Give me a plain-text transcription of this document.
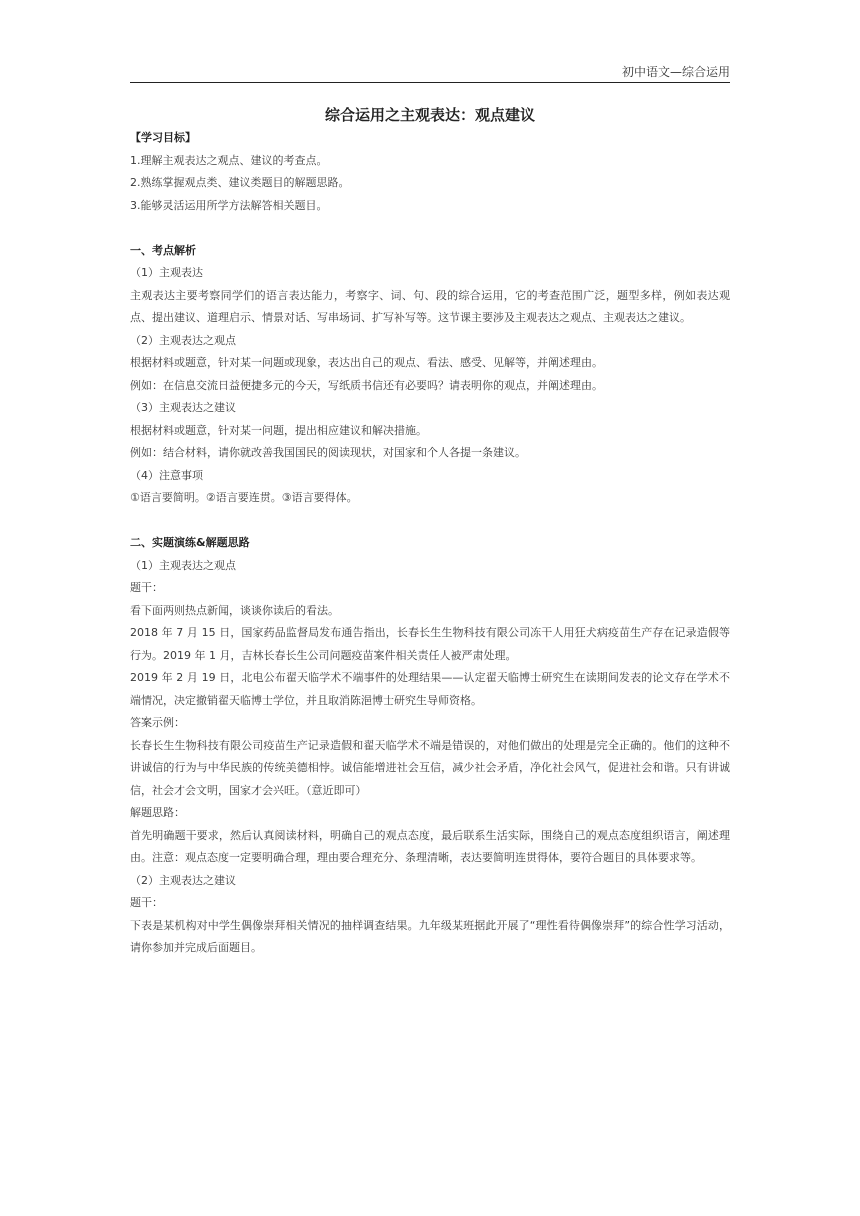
初中语文—综合运用
综合运用之主观表达：观点建议

【学习目标】

1.理解主观表达之观点、建议的考查点。

2.熟练掌握观点类、建议类题目的解题思路。

3.能够灵活运用所学方法解答相关题目。

一、考点解析

（1）主观表达

主观表达主要考察同学们的语言表达能力，考察字、词、句、段的综合运用，它的考查范围广泛，题型多样，例如表达观点、提出建议、道理启示、情景对话、写串场词、扩写补写等。这节课主要涉及主观表达之观点、主观表达之建议。

（2）主观表达之观点

根据材料或题意，针对某一问题或现象，表达出自己的观点、看法、感受、见解等，并阐述理由。

例如：在信息交流日益便捷多元的今天，写纸质书信还有必要吗？请表明你的观点，并阐述理由。

（3）主观表达之建议

根据材料或题意，针对某一问题，提出相应建议和解决措施。

例如：结合材料，请你就改善我国国民的阅读现状，对国家和个人各提一条建议。

（4）注意事项

①语言要简明。②语言要连贯。③语言要得体。

二、实题演练&解题思路

（1）主观表达之观点

题干：

看下面两则热点新闻，谈谈你读后的看法。

2018 年 7 月 15 日，国家药品监督局发布通告指出，长春长生生物科技有限公司冻干人用狂犬病疫苗生产存在记录造假等行为。2019 年 1 月，吉林长春长生公司问题疫苗案件相关责任人被严肃处理。

2019 年 2 月 19 日，北电公布翟天临学术不端事件的处理结果——认定翟天临博士研究生在读期间发表的论文存在学术不端情况，决定撤销翟天临博士学位，并且取消陈浥博士研究生导师资格。

答案示例：

长春长生生物科技有限公司疫苗生产记录造假和翟天临学术不端是错误的，对他们做出的处理是完全正确的。他们的这种不讲诚信的行为与中华民族的传统美德相悖。诚信能增进社会互信，减少社会矛盾，净化社会风气，促进社会和谐。只有讲诚信，社会才会文明，国家才会兴旺。（意近即可）

解题思路：

首先明确题干要求，然后认真阅读材料，明确自己的观点态度，最后联系生活实际，围绕自己的观点态度组织语言，阐述理由。注意：观点态度一定要明确合理，理由要合理充分、条理清晰，表达要简明连贯得体，要符合题目的具体要求等。

（2）主观表达之建议

题干：

下表是某机构对中学生偶像崇拜相关情况的抽样调查结果。九年级某班据此开展了“理性看待偶像崇拜”的综合性学习活动，请你参加并完成后面题目。
